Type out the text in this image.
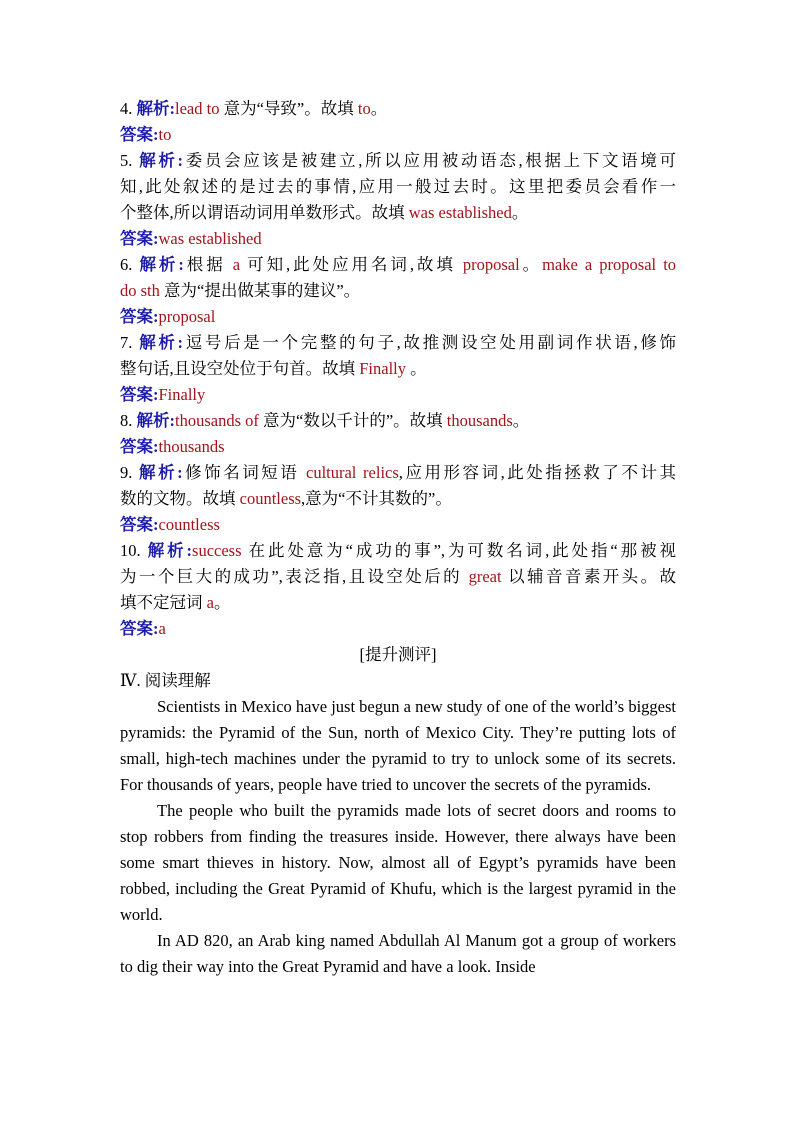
4. 解析:lead to 意为“导致”。故填 to。
答案:to
5. 解析:委员会应该是被建立,所以应用被动语态,根据上下文语境可
知,此处叙述的是过去的事情,应用一般过去时。这里把委员会看作一
个整体,所以谓语动词用单数形式。故填 was established。
答案:was established
6. 解析:根据 a 可知,此处应用名词,故填 proposal。make a proposal to
do sth 意为“提出做某事的建议”。
答案:proposal
7. 解析:逗号后是一个完整的句子,故推测设空处用副词作状语,修饰
整句话,且设空处位于句首。故填 Finally 。
答案:Finally
8. 解析:thousands of 意为“数以千计的”。故填 thousands。
答案:thousands
9. 解析:修饰名词短语 cultural relics,应用形容词,此处指拯救了不计其
数的文物。故填 countless,意为“不计其数的”。
答案:countless
10. 解析:success 在此处意为“成功的事”,为可数名词,此处指“那被视
为一个巨大的成功”,表泛指,且设空处后的 great 以辅音音素开头。故
填不定冠词 a。
答案:a
[提升测评]
Ⅳ. 阅读理解

Scientists in Mexico have just begun a new study of one of the world’s biggest pyramids: the Pyramid of the Sun, north of Mexico City. They’re putting lots of small, high-tech machines under the pyramid to try to unlock some of its secrets. For thousands of years, people have tried to uncover the secrets of the pyramids.

The people who built the pyramids made lots of secret doors and rooms to stop robbers from finding the treasures inside. However, there always have been some smart thieves in history. Now, almost all of Egypt’s pyramids have been robbed, including the Great Pyramid of Khufu, which is the largest pyramid in the world.

In AD 820, an Arab king named Abdullah Al Manum got a group of workers to dig their way into the Great Pyramid and have a look. Inside
